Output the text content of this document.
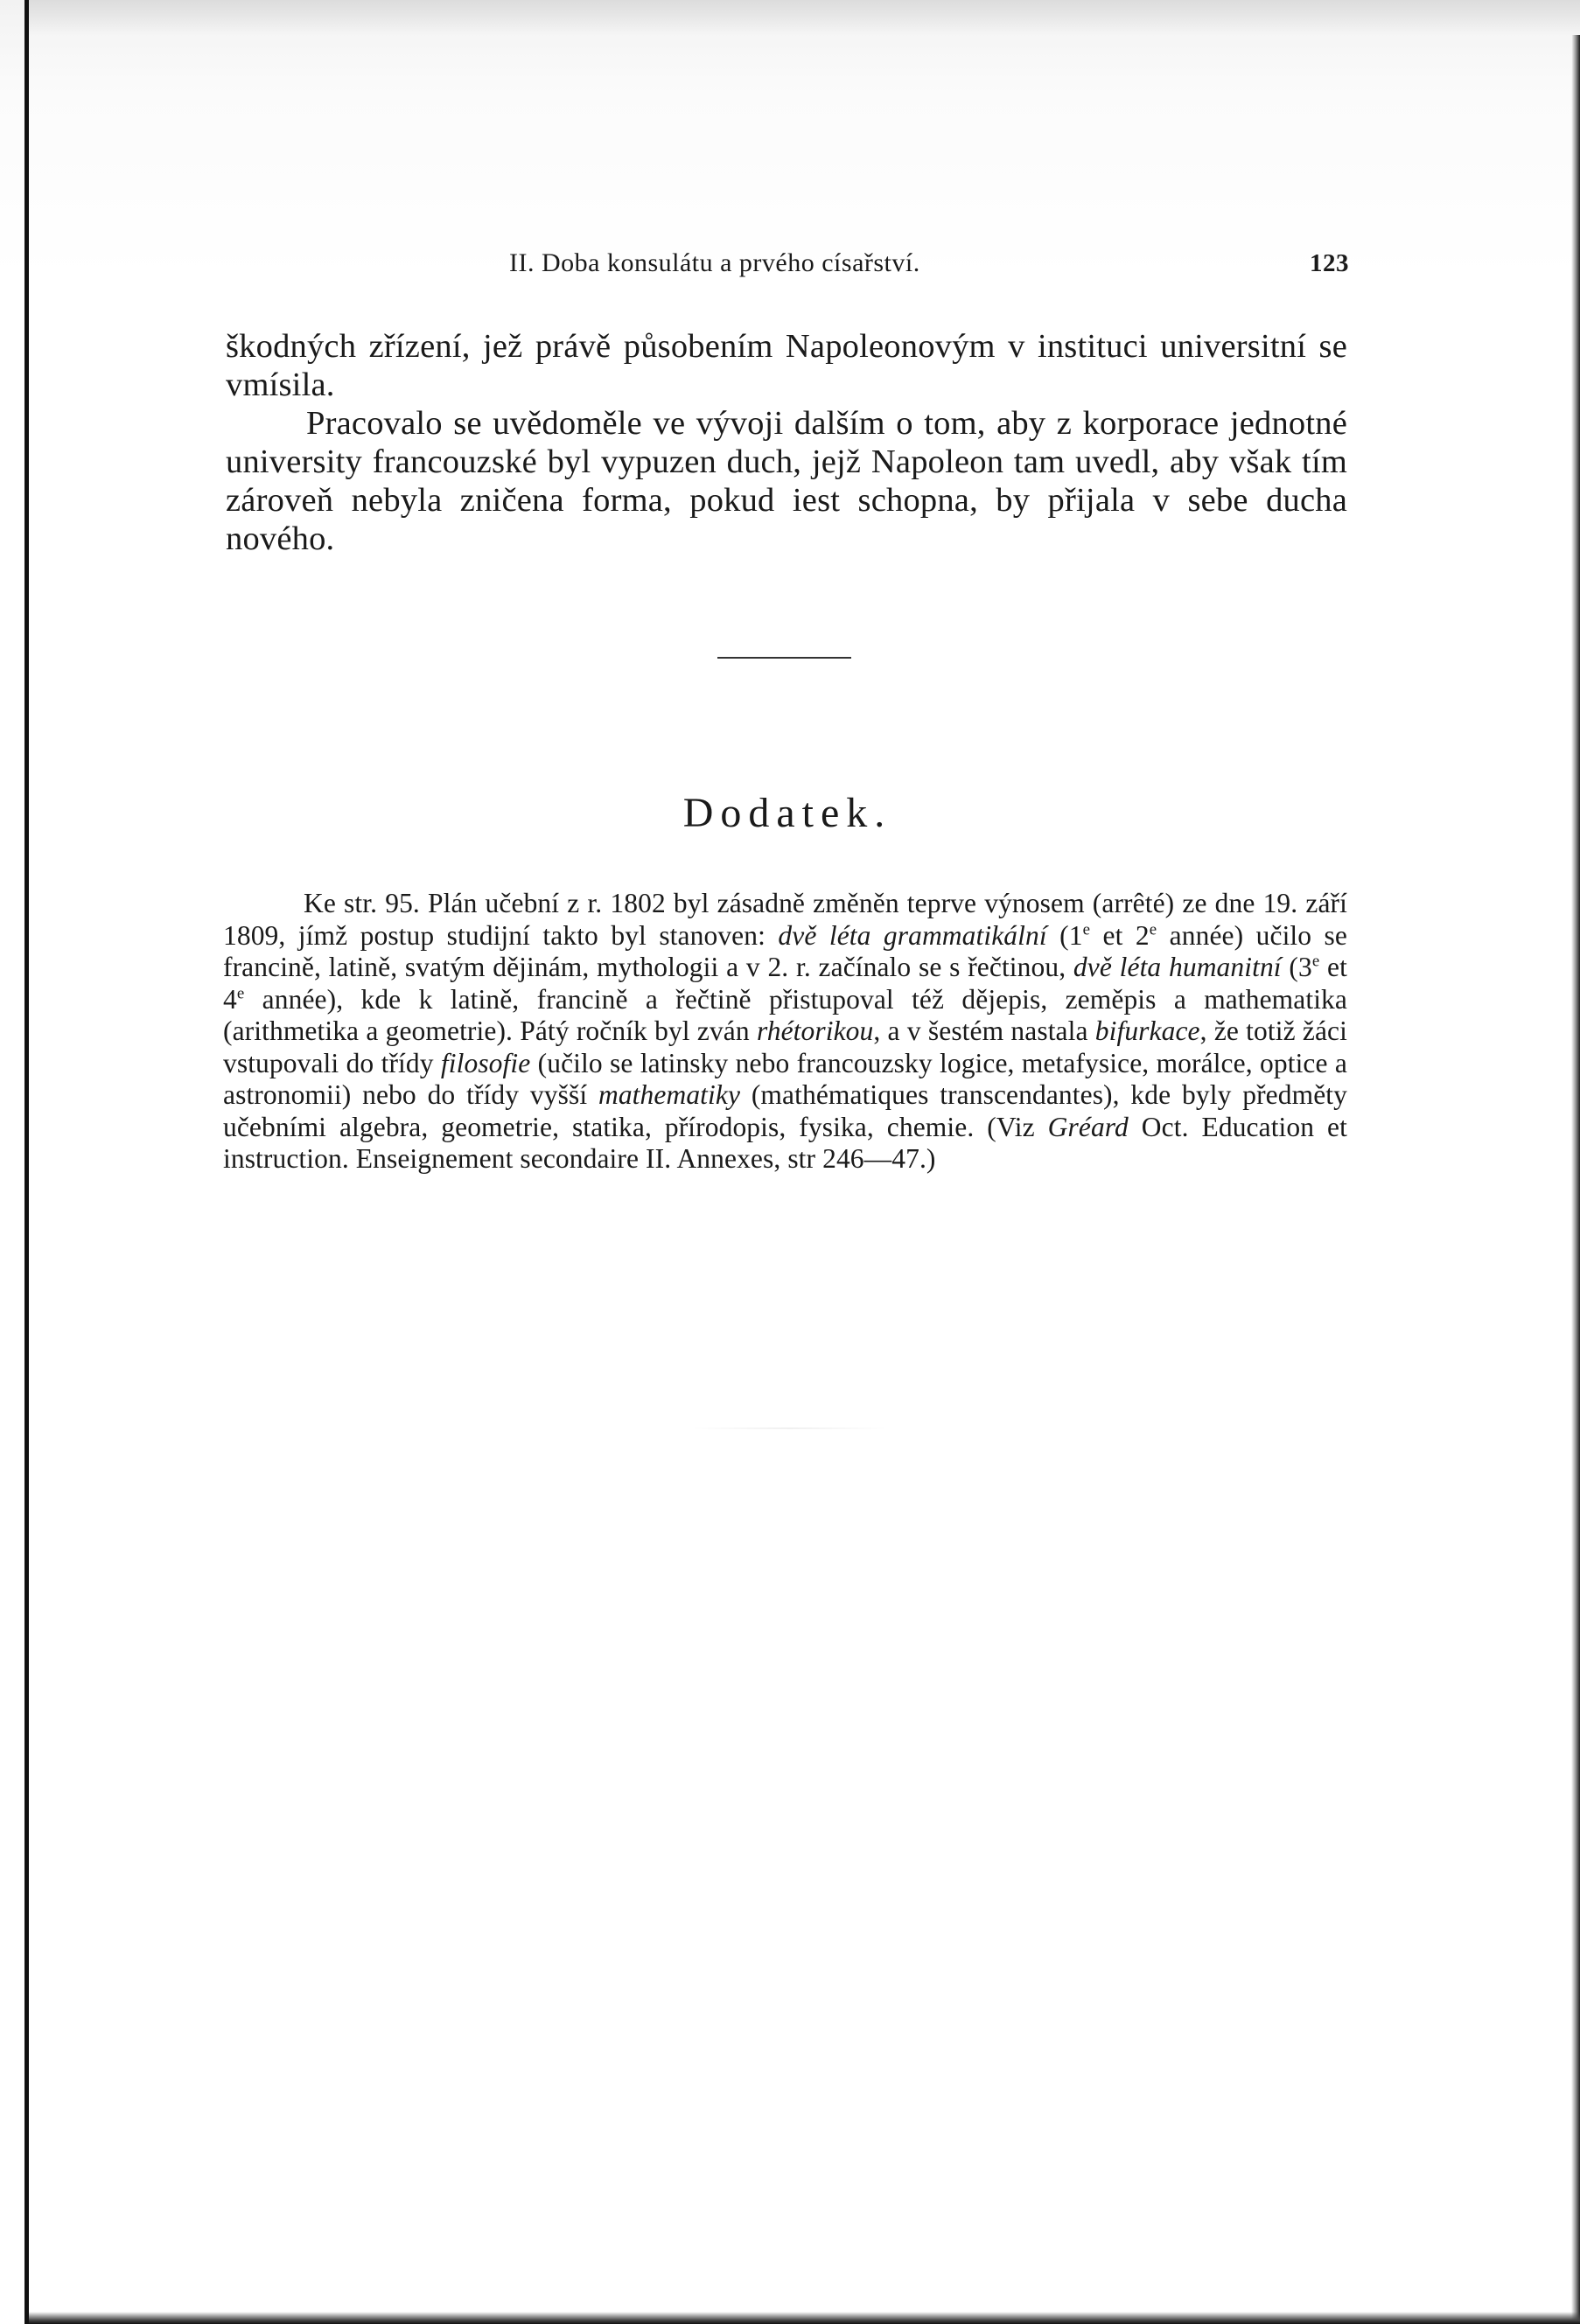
II. Doba konsulátu a prvého císařství.	123

škodných zřízení, jež právě působením Napoleonovým v instituci universitní se vmísila.

Pracovalo se uvědoměle ve vývoji dalším o tom, aby z korporace jednotné university francouzské byl vypuzen duch, jejž Napoleon tam uvedl, aby však tím zároveň nebyla zničena forma, pokud iest schopna, by přijala v sebe ducha nového.

Dodatek.

Ke str. 95. Plán učební z r. 1802 byl zásadně změněn teprve výnosem (arrêté) ze dne 19. září 1809, jímž postup studijní takto byl stanoven: dvě léta grammatikální (1e et 2e année) učilo se francině, latině, svatým dějinám, mythologii a v 2. r. začínalo se s řečtinou, dvě léta humanitní (3e et 4e année), kde k latině, francině a řečtině přistupoval též dějepis, zeměpis a mathematika (arithmetika a geometrie). Pátý ročník byl zván rhétorikou, a v šestém nastala bifurkace, že totiž žáci vstupovali do třídy filosofie (učilo se latinsky nebo francouzsky logice, metafysice, morálce, optice a astronomii) nebo do třídy vyšší mathematiky (mathématiques transcendantes), kde byly předměty učebními algebra, geometrie, statika, přírodopis, fysika, chemie. (Viz Gréard Oct. Education et instruction. Enseignement secondaire II. Annexes, str 246—47.)
